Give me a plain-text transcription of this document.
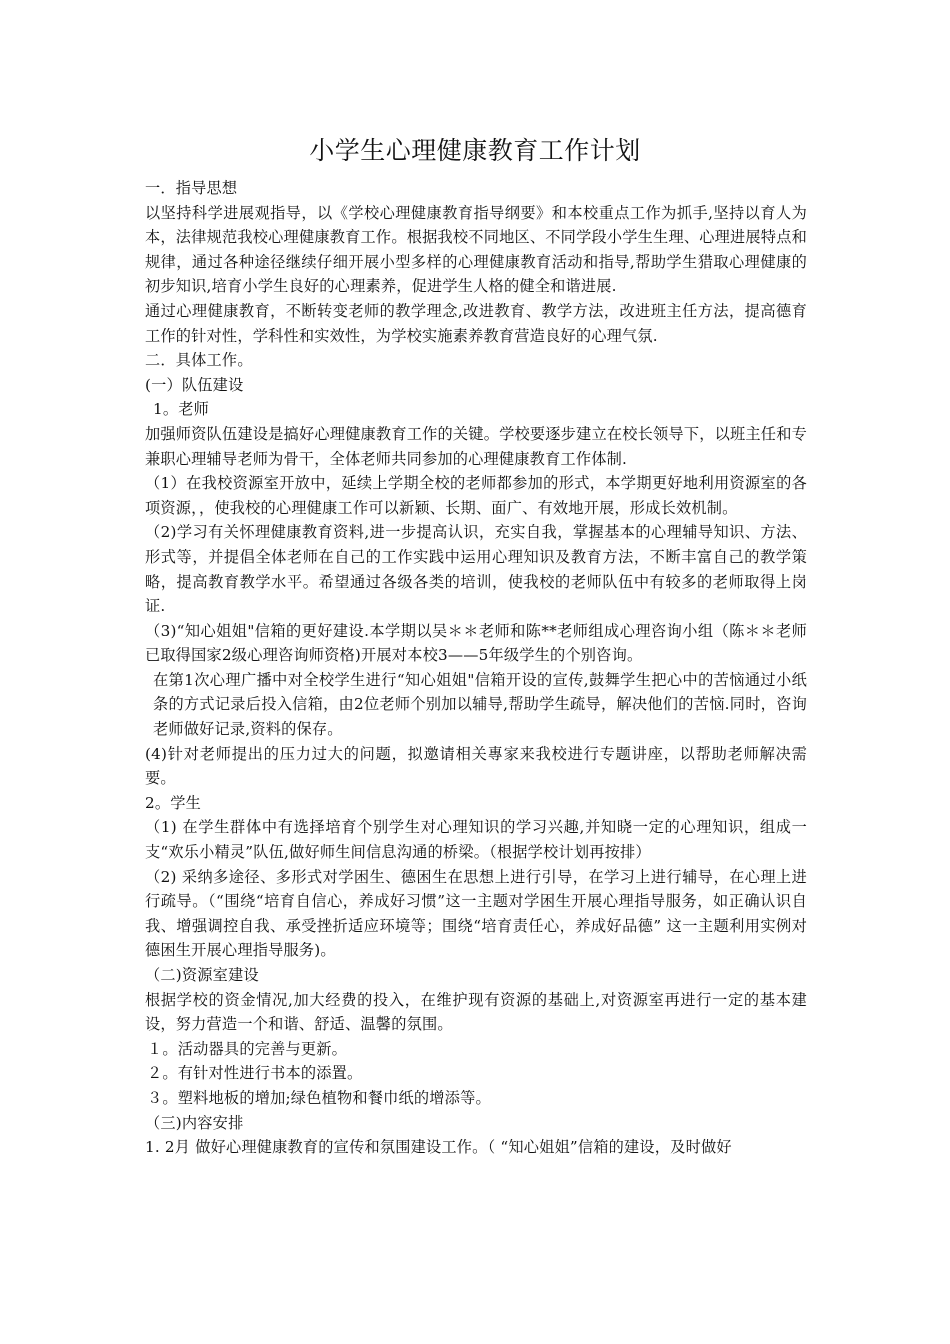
小学生心理健康教育工作计划

一．指导思想

以坚持科学进展观指导，以《学校心理健康教育指导纲要》和本校重点工作为抓手,坚持以育人为本，法律规范我校心理健康教育工作。根据我校不同地区、不同学段小学生生理、心理进展特点和规律，通过各种途径继续仔细开展小型多样的心理健康教育活动和指导,帮助学生猎取心理健康的初步知识,培育小学生良好的心理素养，促进学生人格的健全和谐进展.

通过心理健康教育，不断转变老师的教学理念,改进教育、教学方法，改进班主任方法，提高德育工作的针对性，学科性和实效性，为学校实施素养教育营造良好的心理气氛.

二．具体工作。

(一）队伍建设

1。老师

加强师资队伍建设是搞好心理健康教育工作的关键。学校要逐步建立在校长领导下，以班主任和专兼职心理辅导老师为骨干，全体老师共同参加的心理健康教育工作体制.

（1）在我校资源室开放中，延续上学期全校的老师都参加的形式，本学期更好地利用资源室的各项资源，，使我校的心理健康工作可以新颖、长期、面广、有效地开展，形成长效机制。

（2)学习有关怀理健康教育资料,进一步提高认识，充实自我，掌握基本的心理辅导知识、方法、形式等，并提倡全体老师在自己的工作实践中运用心理知识及教育方法，不断丰富自己的教学策略，提高教育教学水平。希望通过各级各类的培训，使我校的老师队伍中有较多的老师取得上岗证.

（3)“知心姐姐"信箱的更好建设.本学期以吴＊＊老师和陈**老师组成心理咨询小组（陈＊＊老师已取得国家2级心理咨询师资格)开展对本校3——5年级学生的个别咨询。

在第1次心理广播中对全校学生进行“知心姐姐"信箱开设的宣传,鼓舞学生把心中的苦恼通过小纸条的方式记录后投入信箱，由2位老师个别加以辅导,帮助学生疏导，解决他们的苦恼.同时，咨询老师做好记录,资料的保存。

(4)针对老师提出的压力过大的问题，拟邀请相关專家来我校进行专题讲座，以帮助老师解决需要。

2。学生

（1) 在学生群体中有选择培育个别学生对心理知识的学习兴趣,并知晓一定的心理知识，组成一支“欢乐小精灵”队伍,做好师生间信息沟通的桥梁。（根据学校计划再按排）

（2) 采纳多途径、多形式对学困生、德困生在思想上进行引导，在学习上进行辅导，在心理上进行疏导。（“围绕“培育自信心，养成好习惯”这一主题对学困生开展心理指导服务，如正确认识自我、增强调控自我、承受挫折适应环境等；围绕“培育责任心，养成好品德” 这一主题利用实例对德困生开展心理指导服务)。

（二)资源室建设

根据学校的资金情况,加大经费的投入，在维护现有资源的基础上,对资源室再进行一定的基本建设，努力营造一个和谐、舒适、温馨的氛围。

１。活动器具的完善与更新。

２。有针对性进行书本的添置。

３。塑料地板的增加;绿色植物和餐巾纸的增添等。

（三)内容安排

1. 2月 做好心理健康教育的宣传和氛围建设工作。（ “知心姐姐”信箱的建设，及时做好
